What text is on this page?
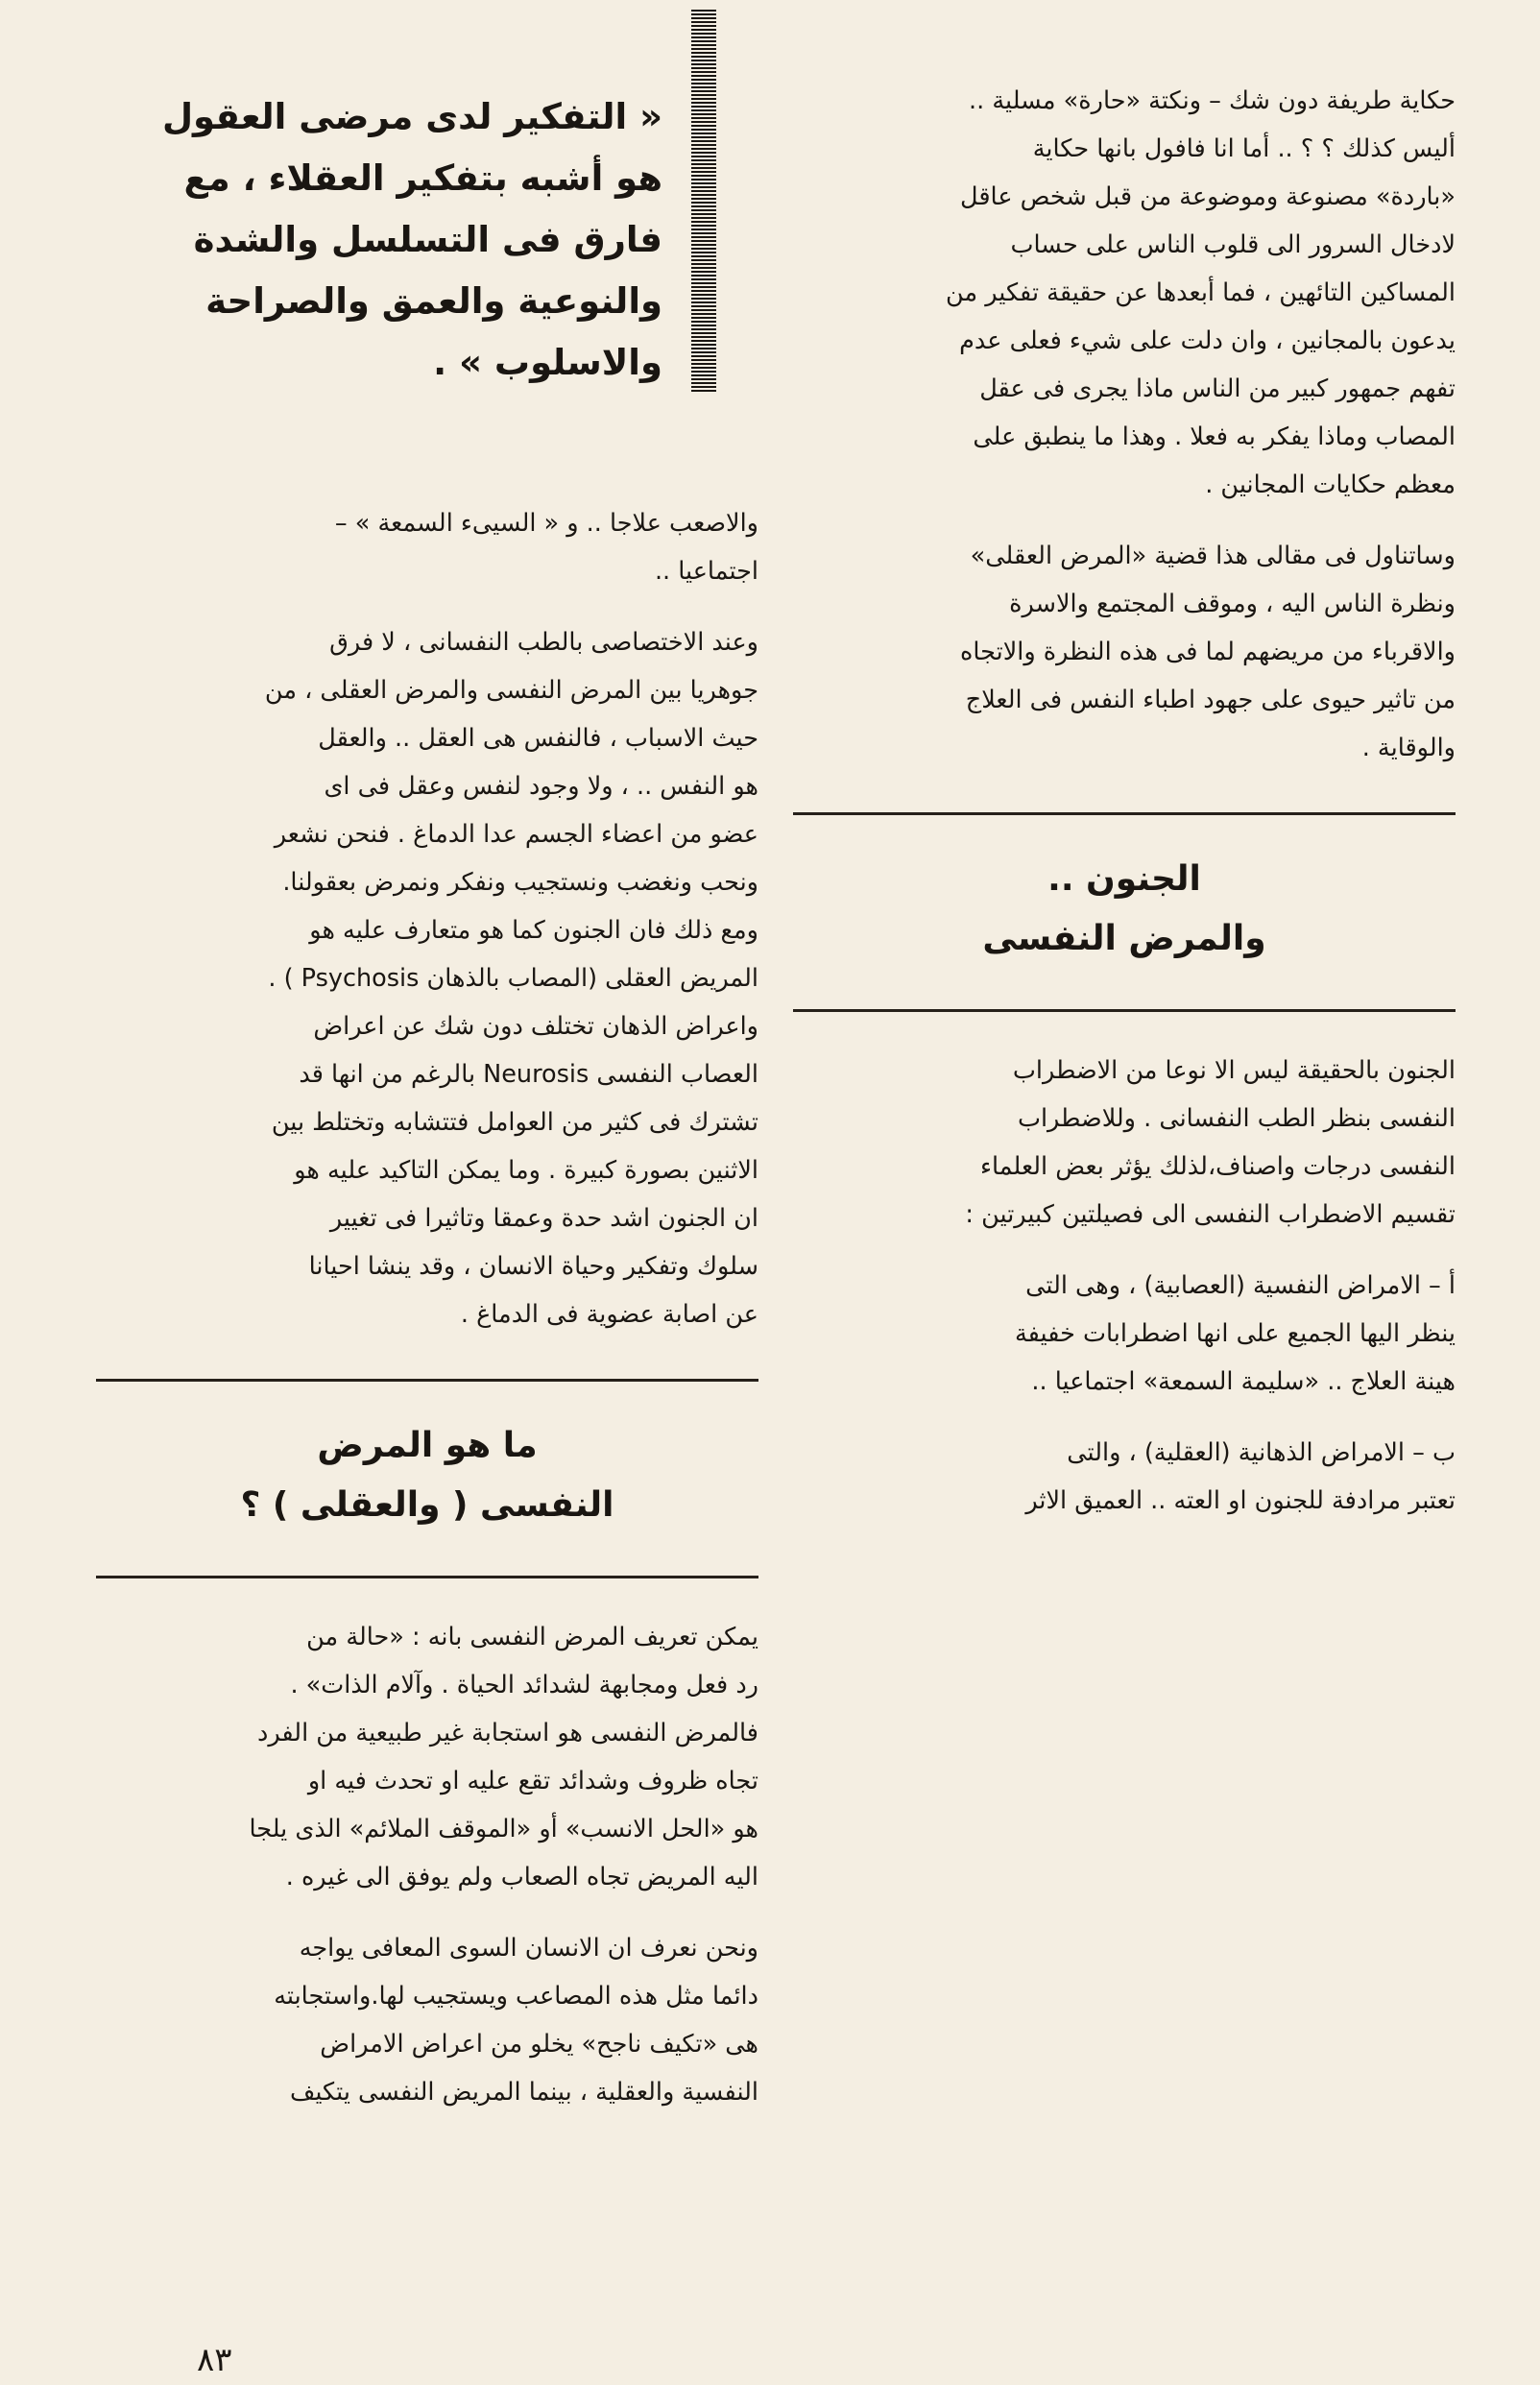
حكاية طريفة دون شك – ونكتة «حارة» مسلية ..
أليس كذلك ؟ ؟ .. أما انا فافول بانها حكاية
«باردة» مصنوعة وموضوعة من قبل شخص عاقل
لادخال السرور الى قلوب الناس على حساب
المساكين التائهين ، فما أبعدها عن حقيقة تفكير من
يدعون بالمجانين ، وان دلت على شيء فعلى عدم
تفهم جمهور كبير من الناس ماذا يجرى فى عقل
المصاب وماذا يفكر به فعلا . وهذا ما ينطبق على
معظم حكايات المجانين .

وساتناول فى مقالى هذا قضية «المرض العقلى»
ونظرة الناس اليه ، وموقف المجتمع والاسرة
والاقرباء من مريضهم لما فى هذه النظرة والاتجاه
من تاثير حيوى على جهود اطباء النفس فى العلاج
والوقاية .

الجنون ..
والمرض النفسى

الجنون بالحقيقة ليس الا نوعا من الاضطراب
النفسى بنظر الطب النفسانى . وللاضطراب
النفسى درجات واصناف،لذلك يؤثر بعض العلماء
تقسيم الاضطراب النفسى الى فصيلتين كبيرتين :

أ – الامراض النفسية (العصابية) ، وهى التى
ينظر اليها الجميع على انها اضطرابات خفيفة
هينة العلاج .. «سليمة السمعة» اجتماعيا ..

ب – الامراض الذهانية (العقلية) ، والتى
تعتبر مرادفة للجنون او العته .. العميق الاثر

« التفكير لدى مرضى العقول
هو أشبه بتفكير العقلاء ، مع
فارق فى التسلسل والشدة
والنوعية والعمق والصراحة
والاسلوب » .

والاصعب علاجا .. و « السيىء السمعة » –
اجتماعيا ..

وعند الاختصاصى بالطب النفسانى ، لا فرق
جوهريا بين المرض النفسى والمرض العقلى ، من
حيث الاسباب ، فالنفس هى العقل .. والعقل
هو النفس .. ، ولا وجود لنفس وعقل فى اى
عضو من اعضاء الجسم عدا الدماغ . فنحن نشعر
ونحب ونغضب ونستجيب ونفكر ونمرض بعقولنا.
ومع ذلك فان الجنون كما هو متعارف عليه هو
المريض العقلى (المصاب بالذهان Psychosis ) .
واعراض الذهان تختلف دون شك عن اعراض
العصاب النفسى Neurosis بالرغم من انها قد
تشترك فى كثير من العوامل فتتشابه وتختلط بين
الاثنين بصورة كبيرة . وما يمكن التاكيد عليه هو
ان الجنون اشد حدة وعمقا وتاثيرا فى تغيير
سلوك وتفكير وحياة الانسان ، وقد ينشا احيانا
عن اصابة عضوية فى الدماغ .

ما هو المرض
النفسى ( والعقلى ) ؟

يمكن تعريف المرض النفسى بانه : «حالة من
رد فعل ومجابهة لشدائد الحياة . وآلام الذات» .
فالمرض النفسى هو استجابة غير طبيعية من الفرد
تجاه ظروف وشدائد تقع عليه او تحدث فيه او
هو «الحل الانسب» أو «الموقف الملائم» الذى يلجا
اليه المريض تجاه الصعاب ولم يوفق الى غيره .

ونحن نعرف ان الانسان السوى المعافى يواجه
دائما مثل هذه المصاعب ويستجيب لها.واستجابته
هى «تكيف ناجح» يخلو من اعراض الامراض
النفسية والعقلية ، بينما المريض النفسى يتكيف

٨٣
